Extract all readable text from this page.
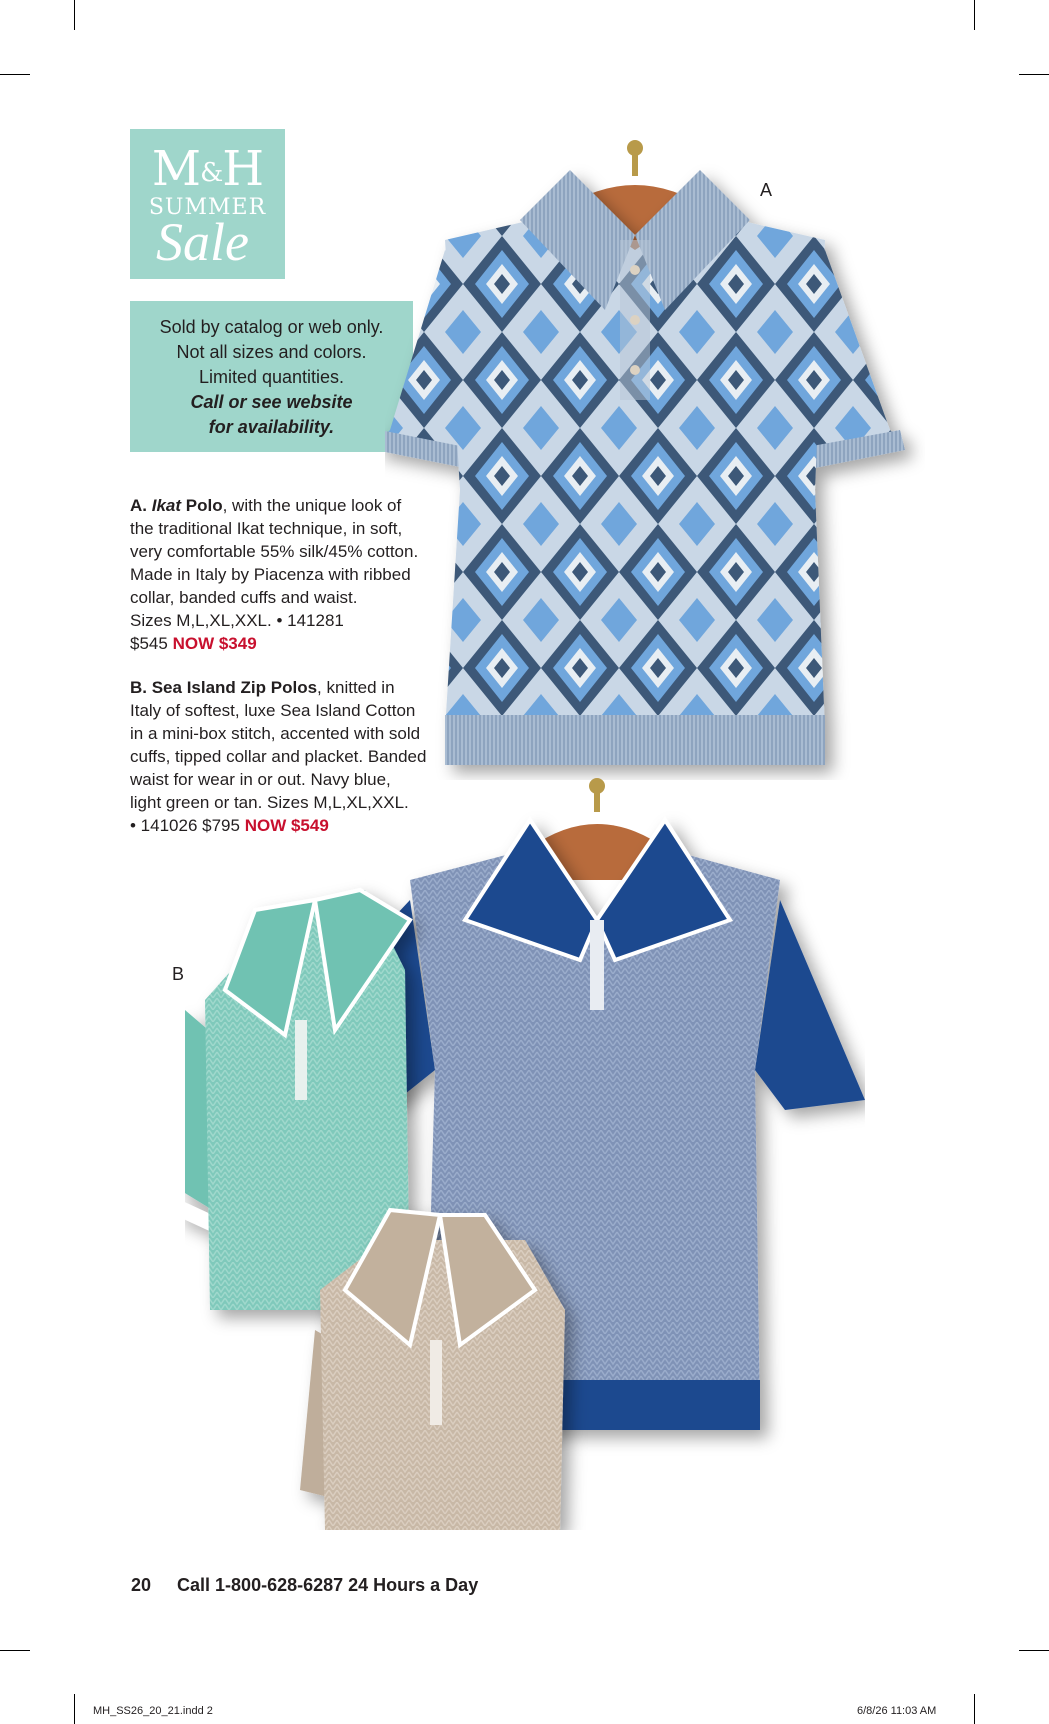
M&H
SUMMER
Sale
Sold by catalog or web only.
Not all sizes and colors.
Limited quantities.
Call or see website
for availability.
A
B
A. Ikat Polo, with the unique look of
the traditional Ikat technique, in soft,
very comfortable 55% silk/45% cotton.
Made in Italy by Piacenza with ribbed
collar, banded cuffs and waist.
Sizes M,L,XL,XXL. • 141281
$545 NOW $349
B. Sea Island Zip Polos, knitted in
Italy of softest, luxe Sea Island Cotton
in a mini-box stitch, accented with sold
cuffs, tipped collar and placket. Banded
waist for wear in or out. Navy blue,
light green or tan. Sizes M,L,XL,XXL.
• 141026 $795 NOW $549
20 Call 1-800-628-6287 24 Hours a Day
MH_SS26_20_21.indd 2	6/8/26 11:03 AM
